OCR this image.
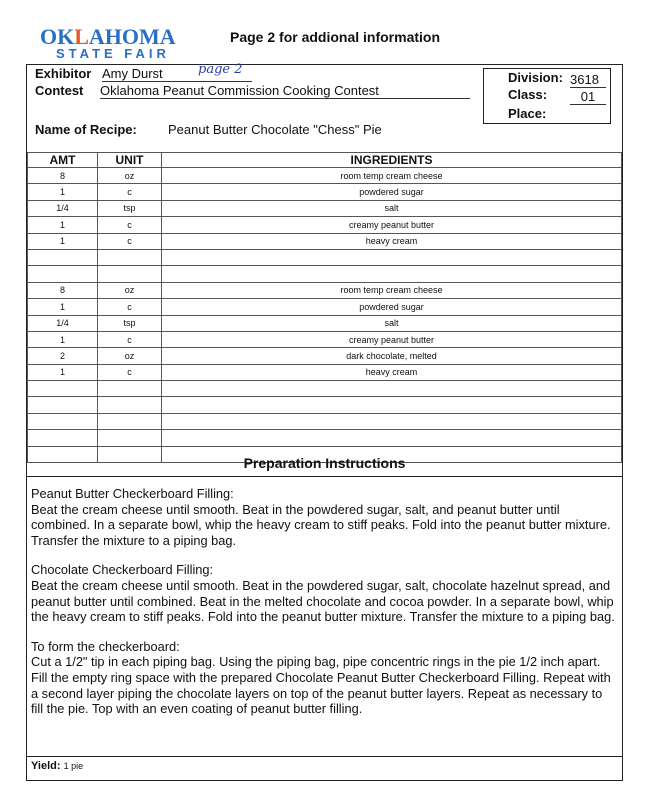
OKLAHOMA
STATE FAIR
Page 2 for addional information
Exhibitor Amy Durst	page 2
Contest Oklahoma Peanut Commission Cooking Contest
Division: 3618
Class:	01
Place:
Name of Recipe: Peanut Butter Chocolate "Chess" Pie
AMT	UNIT	INGREDIENTS
8	oz	room temp cream cheese
1	c	powdered sugar
1/4	tsp	salt
1	c	creamy peanut butter
1	c	heavy cream

8	oz	room temp cream cheese
1	c	powdered sugar
1/4	tsp	salt
1	c	creamy peanut butter
2	oz	dark chocolate, melted
1	c	heavy cream

Preparation Instructions

Peanut Butter Checkerboard Filling:
Beat the cream cheese until smooth. Beat in the powdered sugar, salt, and peanut butter until combined. In a separate bowl, whip the heavy cream to stiff peaks. Fold into the peanut butter mixture. Transfer the mixture to a piping bag.

Chocolate Checkerboard Filling:
Beat the cream cheese until smooth. Beat in the powdered sugar, salt, chocolate hazelnut spread, and peanut butter until combined. Beat in the melted chocolate and cocoa powder. In a separate bowl, whip the heavy cream to stiff peaks. Fold into the peanut butter mixture. Transfer the mixture to a piping bag.

To form the checkerboard:
Cut a 1/2" tip in each piping bag. Using the piping bag, pipe concentric rings in the pie 1/2 inch apart. Fill the empty ring space with the prepared Chocolate Peanut Butter Checkerboard Filling. Repeat with a second layer piping the chocolate layers on top of the peanut butter layers. Repeat as necessary to fill the pie. Top with an even coating of peanut butter filling.

Yield: 1 pie
